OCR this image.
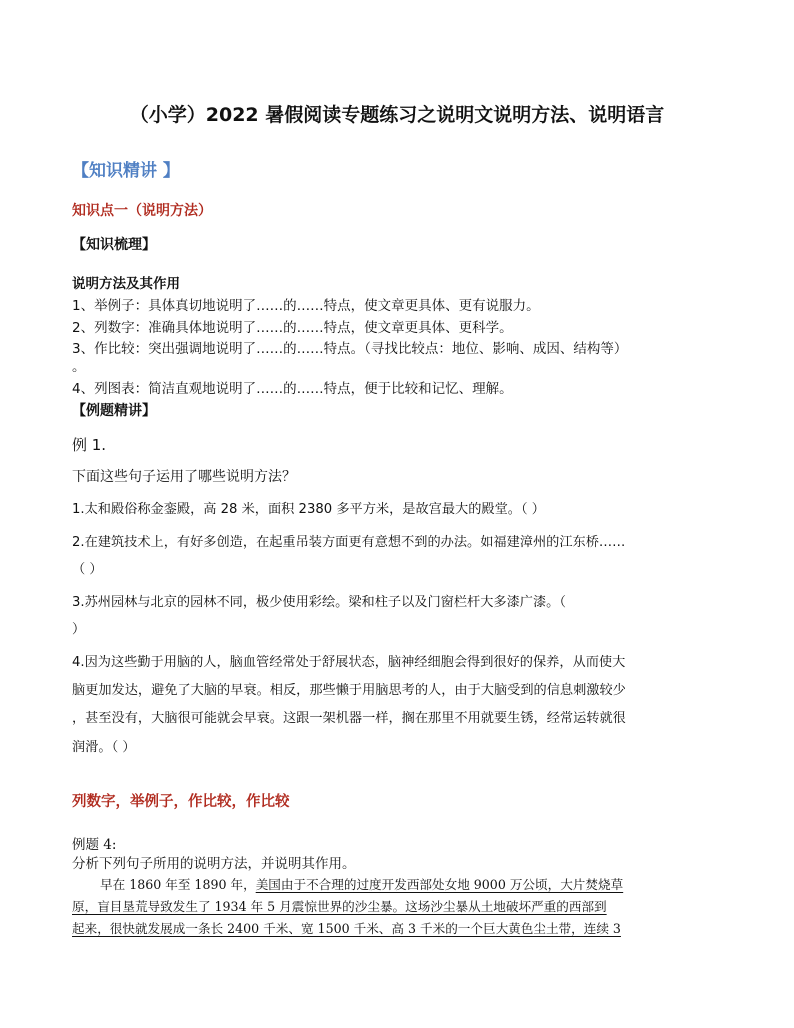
（小学）2022 暑假阅读专题练习之说明文说明方法、说明语言
【知识精讲 】
知识点一（说明方法）
【知识梳理】
说明方法及其作用
1、举例子：具体真切地说明了……的……特点，使文章更具体、更有说服力。
2、列数字：准确具体地说明了……的……特点，使文章更具体、更科学。
3、作比较：突出强调地说明了……的……特点。（寻找比较点：地位、影响、成因、结构等）
。
4、列图表：简洁直观地说明了……的……特点，便于比较和记忆、理解。
【例题精讲】
例 1.
下面这些句子运用了哪些说明方法？
1.太和殿俗称金銮殿，高 28 米，面积 2380 多平方米，是故宫最大的殿堂。（ ）
2.在建筑技术上，有好多创造，在起重吊装方面更有意想不到的办法。如福建漳州的江东桥……
（ ）
3.苏州园林与北京的园林不同，极少使用彩绘。梁和柱子以及门窗栏杆大多漆广漆。（
）
4.因为这些勤于用脑的人，脑血管经常处于舒展状态，脑神经细胞会得到很好的保养，从而使大
脑更加发达，避免了大脑的早衰。相反，那些懒于用脑思考的人，由于大脑受到的信息刺激较少
，甚至没有，大脑很可能就会早衰。这跟一架机器一样，搁在那里不用就要生锈，经常运转就很
润滑。（ ）
列数字，举例子，作比较，作比较
例题 4:
分析下列句子所用的说明方法，并说明其作用。
早在 1860 年至 1890 年，美国由于不合理的过度开发西部处女地 9000 万公顷，大片焚烧草
原，盲目垦荒导致发生了 1934 年 5 月震惊世界的沙尘暴。这场沙尘暴从土地破坏严重的西部到
起来，很快就发展成一条长 2400 千米、宽 1500 千米、高 3 千米的一个巨大黄色尘土带，连续 3
